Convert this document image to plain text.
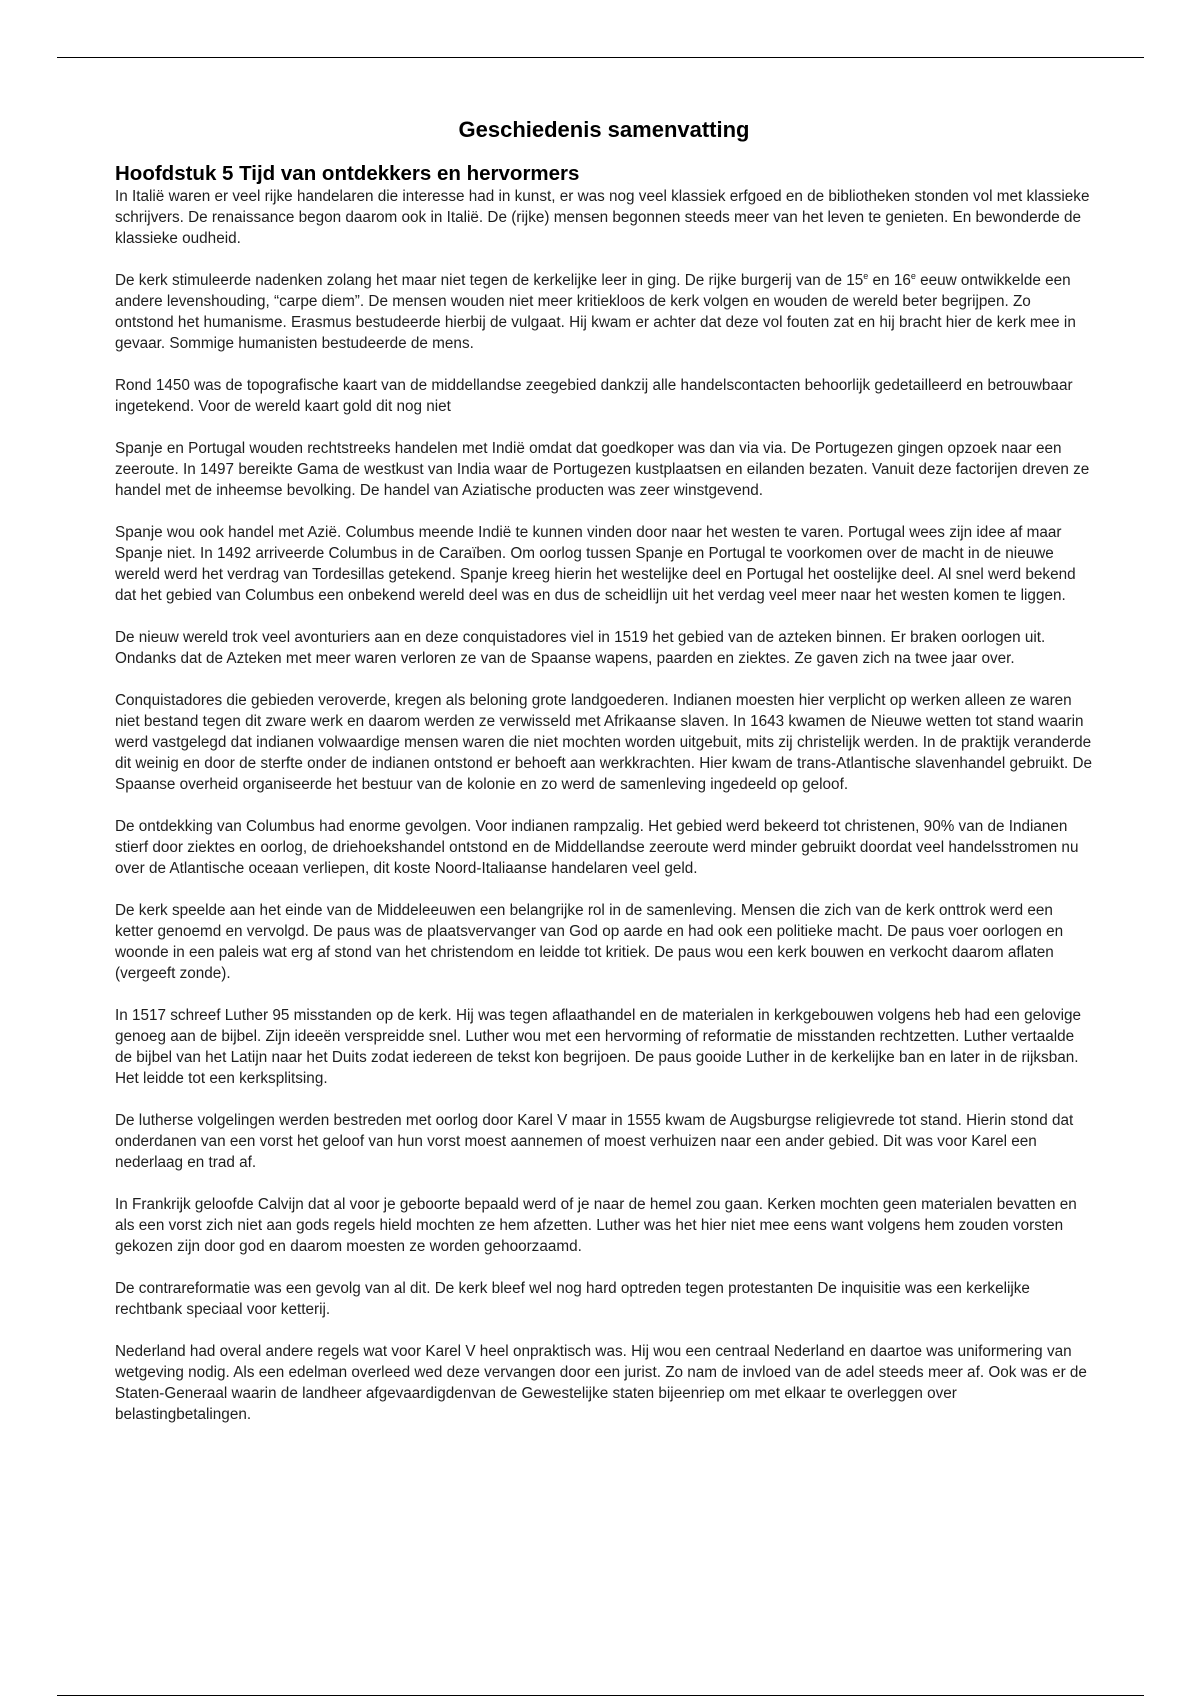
Geschiedenis samenvatting
Hoofdstuk 5 Tijd van ontdekkers en hervormers

In Italië waren er veel rijke handelaren die interesse had in kunst, er was nog veel klassiek erfgoed en de bibliotheken stonden vol met klassieke schrijvers. De renaissance begon daarom ook in Italië. De (rijke) mensen begonnen steeds meer van het leven te genieten. En bewonderde de klassieke oudheid.

De kerk stimuleerde nadenken zolang het maar niet tegen de kerkelijke leer in ging. De rijke burgerij van de 15e en 16e eeuw ontwikkelde een andere levenshouding, “carpe diem”. De mensen wouden niet meer kritiekloos de kerk volgen en wouden de wereld beter begrijpen. Zo ontstond het humanisme. Erasmus bestudeerde hierbij de vulgaat. Hij kwam er achter dat deze vol fouten zat en hij bracht hier de kerk mee in gevaar. Sommige humanisten bestudeerde de mens.

Rond 1450 was de topografische kaart van de middellandse zeegebied dankzij alle handelscontacten behoorlijk gedetailleerd en betrouwbaar ingetekend. Voor de wereld kaart gold dit nog niet

Spanje en Portugal wouden rechtstreeks handelen met Indië omdat dat goedkoper was dan via via. De Portugezen gingen opzoek naar een zeeroute. In 1497 bereikte Gama de westkust van India waar de Portugezen kustplaatsen en eilanden bezaten. Vanuit deze factorijen dreven ze handel met de inheemse bevolking. De handel van Aziatische producten was zeer winstgevend.

Spanje wou ook handel met Azië. Columbus meende Indië te kunnen vinden door naar het westen te varen. Portugal wees zijn idee af maar Spanje niet. In 1492 arriveerde Columbus in de Caraïben. Om oorlog tussen Spanje en Portugal te voorkomen over de macht in de nieuwe wereld werd het verdrag van Tordesillas getekend. Spanje kreeg hierin het westelijke deel en Portugal het oostelijke deel. Al snel werd bekend dat het gebied van Columbus een onbekend wereld deel was en dus de scheidlijn uit het verdag veel meer naar het westen komen te liggen.

De nieuw wereld trok veel avonturiers aan en deze conquistadores viel in 1519 het gebied van de azteken binnen. Er braken oorlogen uit. Ondanks dat de Azteken met meer waren verloren ze van de Spaanse wapens, paarden en ziektes. Ze gaven zich na twee jaar over.

Conquistadores die gebieden veroverde, kregen als beloning grote landgoederen. Indianen moesten hier verplicht op werken alleen ze waren niet bestand tegen dit zware werk en daarom werden ze verwisseld met Afrikaanse slaven. In 1643 kwamen de Nieuwe wetten tot stand waarin werd vastgelegd dat indianen volwaardige mensen waren die niet mochten worden uitgebuit, mits zij christelijk werden. In de praktijk veranderde dit weinig en door de sterfte onder de indianen ontstond er behoeft aan werkkrachten. Hier kwam de trans-Atlantische slavenhandel gebruikt. De Spaanse overheid organiseerde het bestuur van de kolonie en zo werd de samenleving ingedeeld op geloof.

De ontdekking van Columbus had enorme gevolgen. Voor indianen rampzalig. Het gebied werd bekeerd tot christenen, 90% van de Indianen stierf door ziektes en oorlog, de driehoekshandel ontstond en de Middellandse zeeroute werd minder gebruikt doordat veel handelsstromen nu over de Atlantische oceaan verliepen, dit koste Noord-Italiaanse handelaren veel geld.

De kerk speelde aan het einde van de Middeleeuwen een belangrijke rol in de samenleving. Mensen die zich van de kerk onttrok werd een ketter genoemd en vervolgd. De paus was de plaatsvervanger van God op aarde en had ook een politieke macht. De paus voer oorlogen en woonde in een paleis wat erg af stond van het christendom en leidde tot kritiek. De paus wou een kerk bouwen en verkocht daarom aflaten (vergeeft zonde).

In 1517 schreef Luther 95 misstanden op de kerk. Hij was tegen aflaathandel en de materialen in kerkgebouwen volgens heb had een gelovige genoeg aan de bijbel. Zijn ideeën verspreidde snel. Luther wou met een hervorming of reformatie de misstanden rechtzetten. Luther vertaalde de bijbel van het Latijn naar het Duits zodat iedereen de tekst kon begrijoen. De paus gooide Luther in de kerkelijke ban en later in de rijksban. Het leidde tot een kerksplitsing.

De lutherse volgelingen werden bestreden met oorlog door Karel V maar in 1555 kwam de Augsburgse religievrede tot stand. Hierin stond dat onderdanen van een vorst het geloof van hun vorst moest aannemen of moest verhuizen naar een ander gebied. Dit was voor Karel een nederlaag en trad af.

In Frankrijk geloofde Calvijn dat al voor je geboorte bepaald werd of je naar de hemel zou gaan. Kerken mochten geen materialen bevatten en als een vorst zich niet aan gods regels hield mochten ze hem afzetten. Luther was het hier niet mee eens want volgens hem zouden vorsten gekozen zijn door god en daarom moesten ze worden gehoorzaamd.

De contrareformatie was een gevolg van al dit. De kerk bleef wel nog hard optreden tegen protestanten De inquisitie was een kerkelijke rechtbank speciaal voor ketterij.

Nederland had overal andere regels wat voor Karel V heel onpraktisch was. Hij wou een centraal Nederland en daartoe was uniformering van wetgeving nodig. Als een edelman overleed wed deze vervangen door een jurist. Zo nam de invloed van de adel steeds meer af. Ook was er de Staten-Generaal waarin de landheer afgevaardigdenvan de Gewestelijke staten bijeenriep om met elkaar te overleggen over belastingbetalingen.
